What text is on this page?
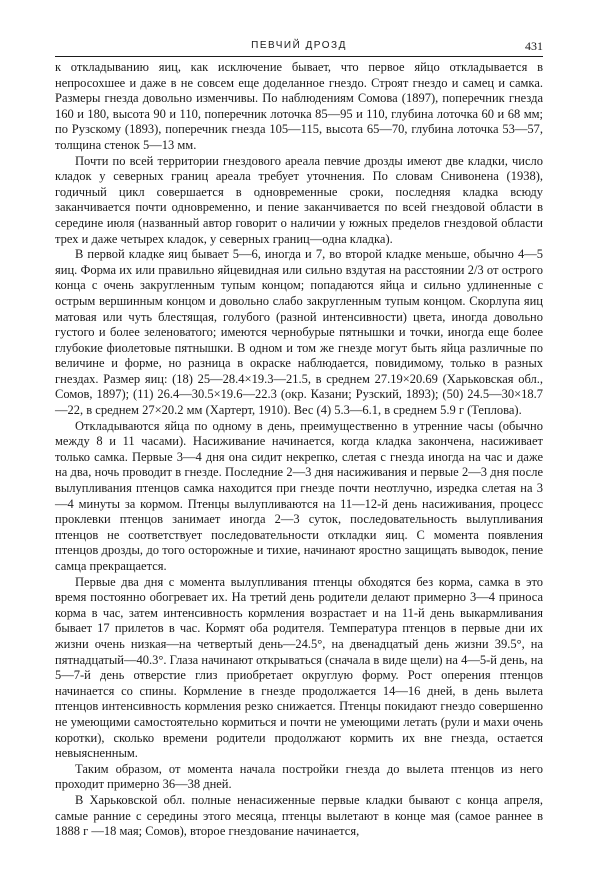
ПЕВЧИЙ ДРОЗД	431

к откладыванию яиц, как исключение бывает, что первое яйцо откладывается в непросохшее и даже в не совсем еще доделанное гнездо. Строят гнездо и самец и самка. Размеры гнезда довольно изменчивы. По наблюдениям Сомова (1897), поперечник гнезда 160 и 180, высота 90 и 110, поперечник лоточка 85—95 и 110, глубина лоточка 60 и 68 мм; по Рузскому (1893), поперечник гнезда 105—115, высота 65—70, глубина лоточка 53—57, толщина стенок 5—13 мм.

Почти по всей территории гнездового ареала певчие дрозды имеют две кладки, число кладок у северных границ ареала требует уточнения. По словам Снивонена (1938), годичный цикл совершается в одновременные сроки, последняя кладка всюду заканчивается почти одновременно, и пение заканчивается по всей гнездовой области в середине июля (названный автор говорит о наличии у южных пределов гнездовой области трех и даже четырех кладок, у северных границ—одна кладка).

В первой кладке яиц бывает 5—6, иногда и 7, во второй кладке меньше, обычно 4—5 яиц. Форма их или правильно яйцевидная или сильно вздутая на расстоянии 2/3 от острого конца с очень закругленным тупым концом; попадаются яйца и сильно удлиненные с острым вершинным концом и довольно слабо закругленным тупым концом. Скорлупа яиц матовая или чуть блестящая, голубого (разной интенсивности) цвета, иногда довольно густого и более зеленоватого; имеются чернобурые пятнышки и точки, иногда еще более глубокие фиолетовые пятнышки. В одном и том же гнезде могут быть яйца различные по величине и форме, но разница в окраске наблюдается, повидимому, только в разных гнездах. Размер яиц: (18) 25—28.4×19.3—21.5, в среднем 27.19×20.69 (Харьковская обл., Сомов, 1897); (11) 26.4—30.5×19.6—22.3 (окр. Казани; Рузский, 1893); (50) 24.5—30×18.7—22, в среднем 27×20.2 мм (Хартерт, 1910). Вес (4) 5.3—6.1, в среднем 5.9 г (Теплова).

Откладываются яйца по одному в день, преимущественно в утренние часы (обычно между 8 и 11 часами). Насиживание начинается, когда кладка закончена, насиживает только самка. Первые 3—4 дня она сидит некрепко, слетая с гнезда иногда на час и даже на два, ночь проводит в гнезде. Последние 2—3 дня насиживания и первые 2—3 дня после вылупливания птенцов самка находится при гнезде почти неотлучно, изредка слетая на 3—4 минуты за кормом. Птенцы вылупливаются на 11—12-й день насиживания, процесс проклевки птенцов занимает иногда 2—3 суток, последовательность вылупливания птенцов не соответствует последовательности откладки яиц. С момента появления птенцов дрозды, до того осторожные и тихие, начинают яростно защищать выводок, пение самца прекращается.

Первые два дня с момента вылупливания птенцы обходятся без корма, самка в это время постоянно обогревает их. На третий день родители делают примерно 3—4 приноса корма в час, затем интенсивность кормления возрастает и на 11-й день выкармливания бывает 17 прилетов в час. Кормят оба родителя. Температура птенцов в первые дни их жизни очень низкая—на четвертый день—24.5°, на двенадцатый день жизни 39.5°, на пятнадцатый—40.3°. Глаза начинают открываться (сначала в виде щели) на 4—5-й день, на 5—7-й день отверстие глиз приобретает округлую форму. Рост оперения птенцов начинается со спины. Кормление в гнезде продолжается 14—16 дней, в день вылета птенцов интенсивность кормления резко снижается. Птенцы покидают гнездо совершенно не умеющими самостоятельно кормиться и почти не умеющими летать (рули и маxи очень коротки), сколько времени родители продолжают кормить их вне гнезда, остается невыясненным.

Таким образом, от момента начала постройки гнезда до вылета птенцов из него проходит примерно 36—38 дней.

В Харьковской обл. полные ненасиженные первые кладки бывают с конца апреля, самые ранние с середины этого месяца, птенцы вылетают в конце мая (самое раннее в 1888 г —18 мая; Сомов), второе гнездование начинается,
